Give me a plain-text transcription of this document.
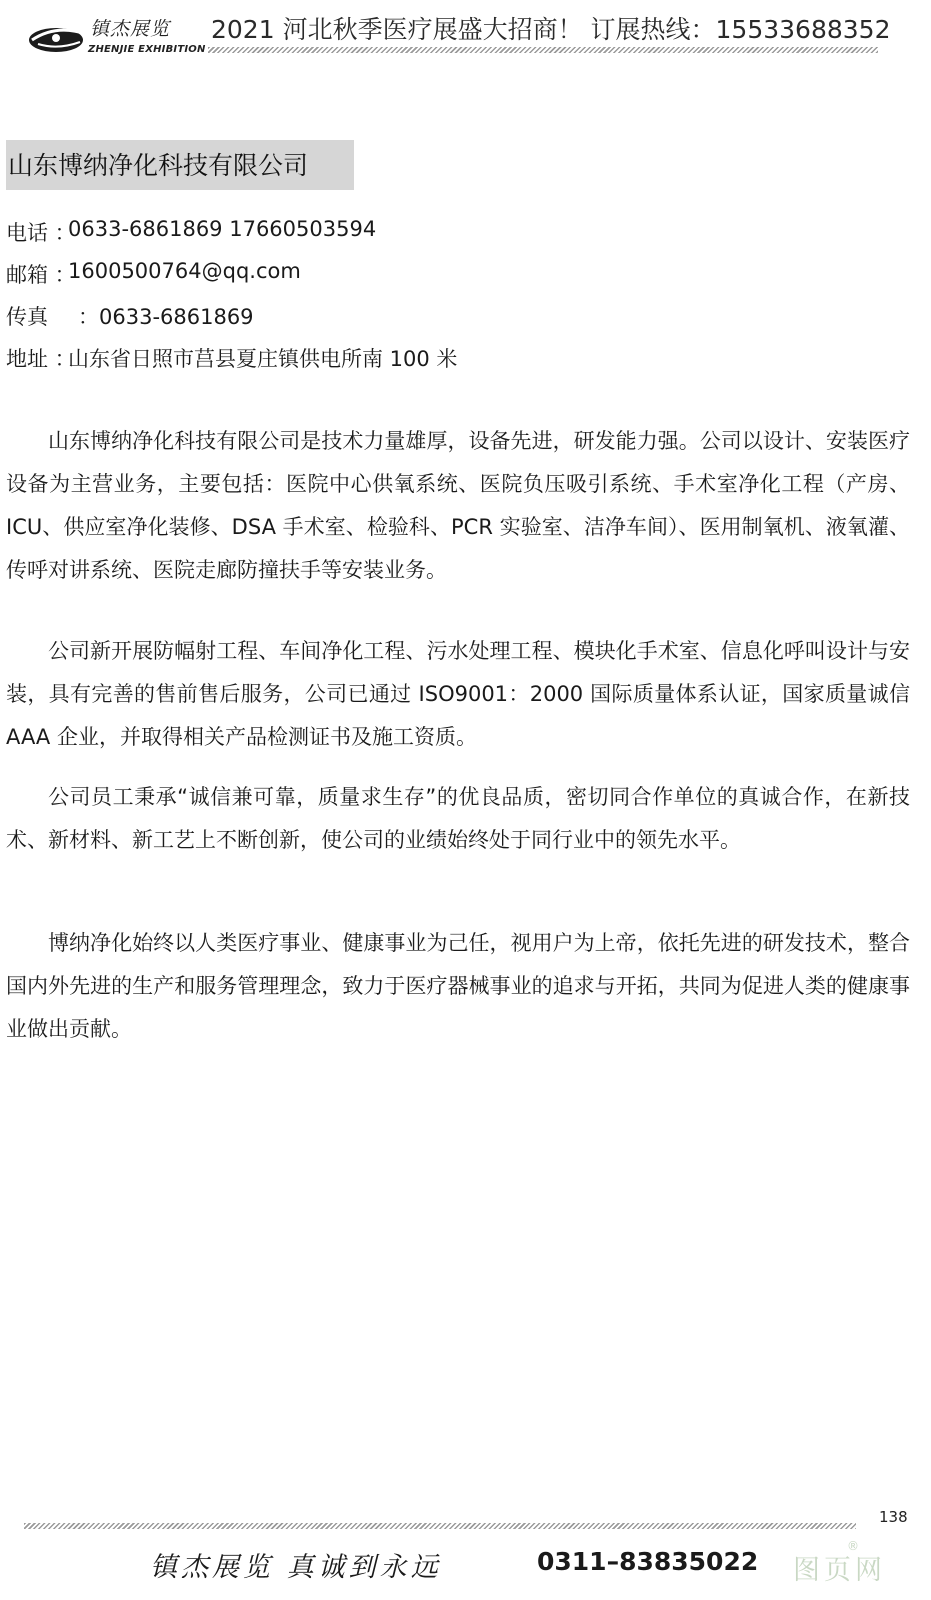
镇杰展览
ZHENJIE EXHIBITION
2021 河北秋季医疗展盛大招商！ 订展热线：15533688352
山东博纳净化科技有限公司
电话 ：
0633-6861869 17660503594
邮箱 ：
1600500764@qq.com
传真 ：0633-6861869
地址 ：
山东省日照市莒县夏庄镇供电所南 100 米

山东博纳净化科技有限公司是技术力量雄厚，设备先进，研发能力强。公司以设计、安装医疗设备为主营业务，主要包括：医院中心供氧系统、医院负压吸引系统、手术室净化工程（产房、ICU、供应室净化装修、DSA 手术室、检验科、PCR 实验室、洁净车间）、医用制氧机、液氧灌、传呼对讲系统、医院走廊防撞扶手等安装业务。

公司新开展防幅射工程、车间净化工程、污水处理工程、模块化手术室、信息化呼叫设计与安装，具有完善的售前售后服务，公司已通过 ISO9001：2000 国际质量体系认证，国家质量诚信 AAA 企业，并取得相关产品检测证书及施工资质。

公司员工秉承“诚信兼可靠，质量求生存”的优良品质，密切同合作单位的真诚合作，在新技术、新材料、新工艺上不断创新，使公司的业绩始终处于同行业中的领先水平。

博纳净化始终以人类医疗事业、健康事业为己任，视用户为上帝，依托先进的研发技术，整合国内外先进的生产和服务管理理念，致力于医疗器械事业的追求与开拓，共同为促进人类的健康事业做出贡献。

138
镇杰展览 真诚到永远	0311–83835022 图页网
®
